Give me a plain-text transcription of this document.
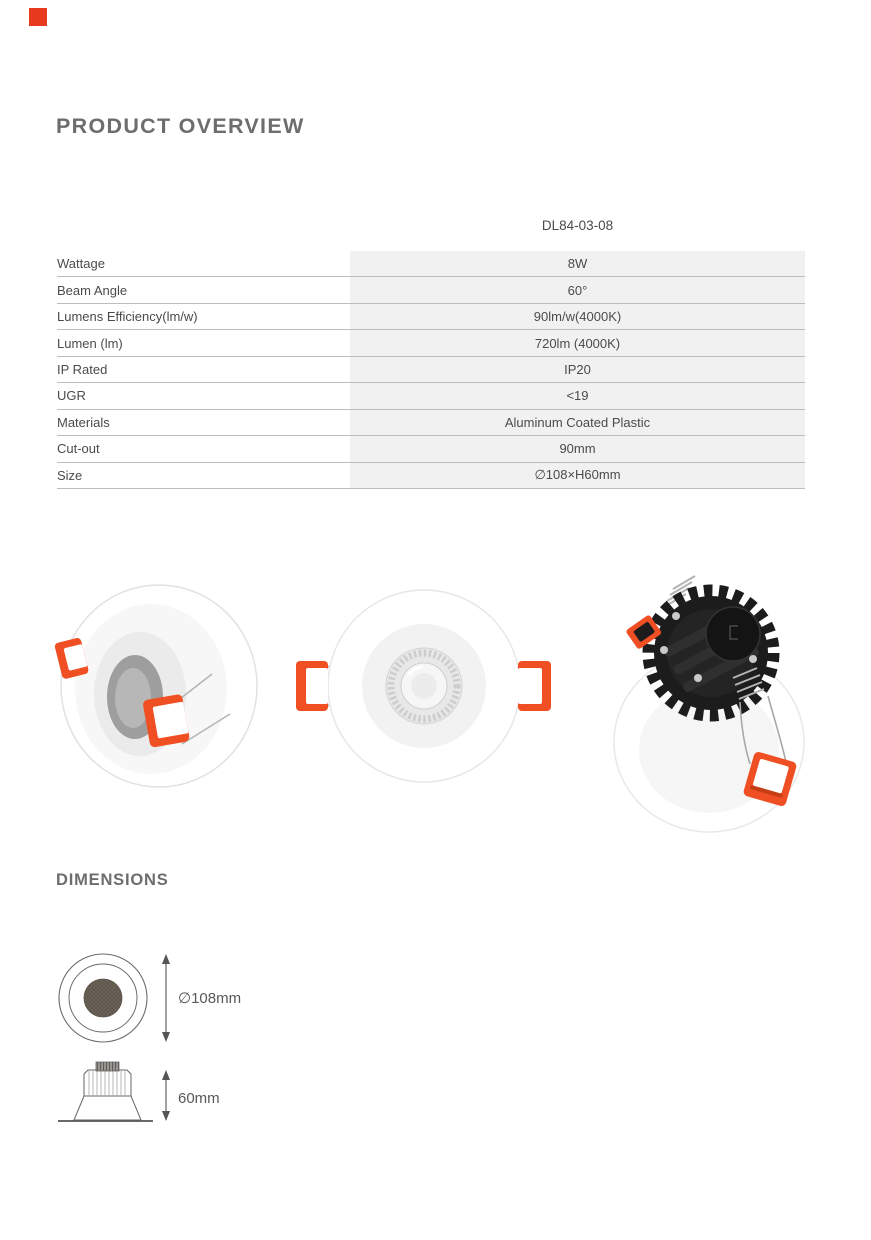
PRODUCT OVERVIEW
DL84-03-08
Wattage	8W
Beam Angle	60°
Lumens Efficiency(lm/w)	90lm/w(4000K)
Lumen (lm)	720lm (4000K)
IP Rated	IP20
UGR	<19
Materials	Aluminum Coated Plastic
Cut-out	90mm
Size	∅108×H60mm
DIMENSIONS
∅108mm
60mm
